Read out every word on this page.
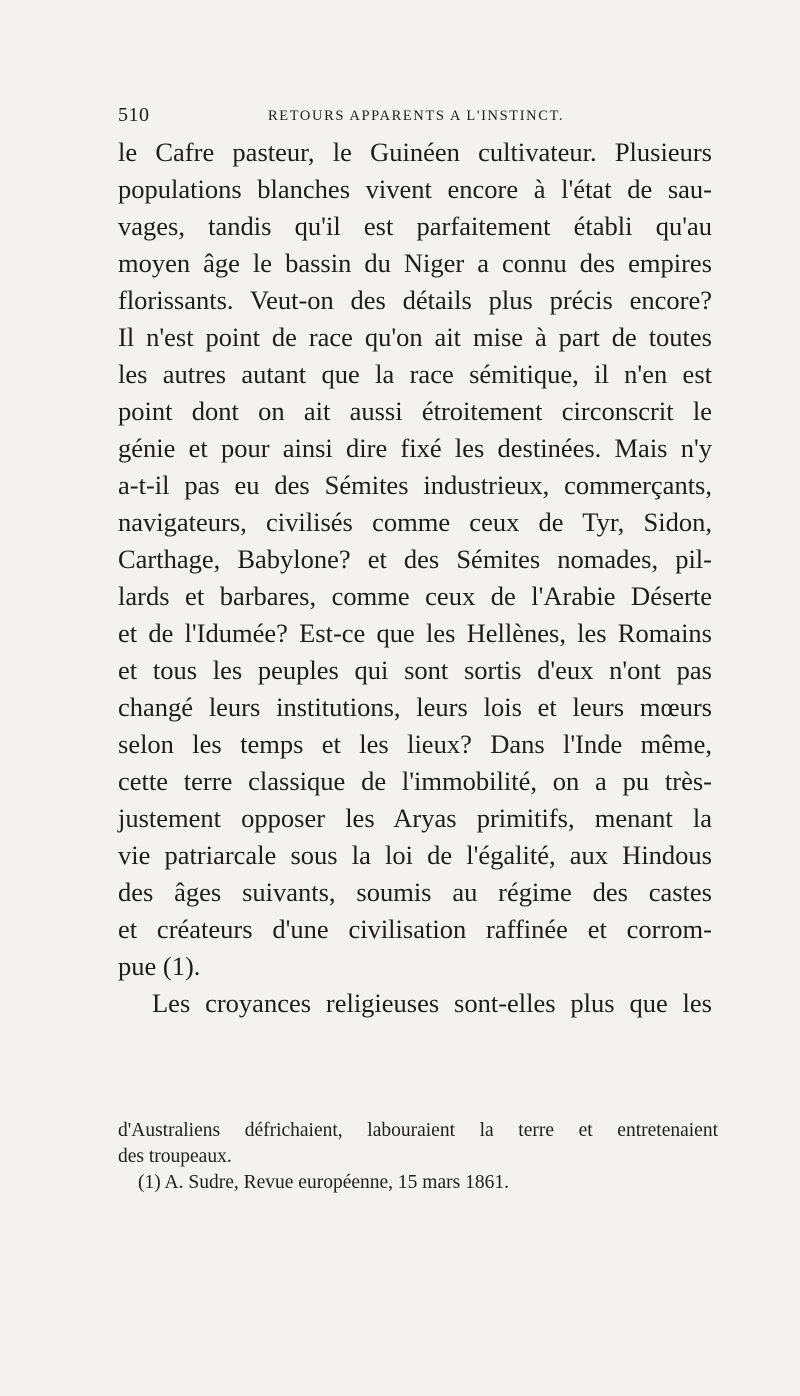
510	RETOURS APPARENTS A L'INSTINCT.
le Cafre pasteur, le Guinéen cultivateur. Plusieurs
populations blanches vivent encore à l'état de sau-
vages, tandis qu'il est parfaitement établi qu'au
moyen âge le bassin du Niger a connu des empires
florissants. Veut-on des détails plus précis encore?
Il n'est point de race qu'on ait mise à part de toutes
les autres autant que la race sémitique, il n'en est
point dont on ait aussi étroitement circonscrit le
génie et pour ainsi dire fixé les destinées. Mais n'y
a-t-il pas eu des Sémites industrieux, commerçants,
navigateurs, civilisés comme ceux de Tyr, Sidon,
Carthage, Babylone? et des Sémites nomades, pil-
lards et barbares, comme ceux de l'Arabie Déserte
et de l'Idumée? Est-ce que les Hellènes, les Romains
et tous les peuples qui sont sortis d'eux n'ont pas
changé leurs institutions, leurs lois et leurs mœurs
selon les temps et les lieux? Dans l'Inde même,
cette terre classique de l'immobilité, on a pu très-
justement opposer les Aryas primitifs, menant la
vie patriarcale sous la loi de l'égalité, aux Hindous
des âges suivants, soumis au régime des castes
et créateurs d'une civilisation raffinée et corrom-
pue (1).
Les croyances religieuses sont-elles plus que les
d'Australiens défrichaient, labouraient la terre et entretenaient
des troupeaux.
(1) A. Sudre, Revue européenne, 15 mars 1861.
